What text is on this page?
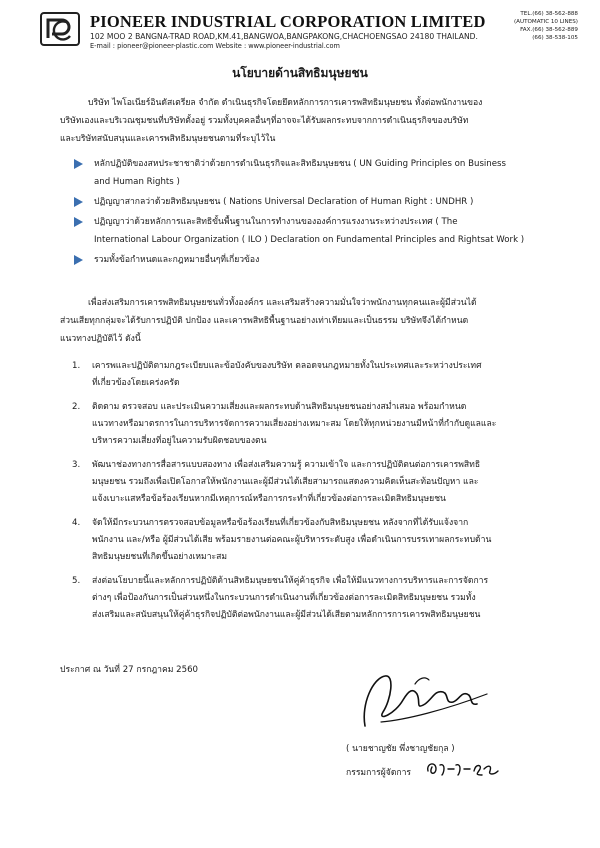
PIONEER INDUSTRIAL CORPORATION LIMITED
102 MOO 2 BANGNA-TRAD ROAD,KM.41,BANGWOA,BANGPAKONG,CHACHOENGSAO 24180 THAILAND.
E-mail : pioneer@pioneer-plastic.com Website : www.pioneer-industrial.com
TEL.(66) 38-562-888
(AUTOMATIC 10 LINES)
FAX.(66) 38-562-889
(66) 38-538-105
นโยบายด้านสิทธิมนุษยชน

บริษัท ไพโอเนียร์อินดัสเตรียล จำกัด ดำเนินธุรกิจโดยยึดหลักการการเคารพสิทธิมนุษยชน ทั้งต่อพนักงานของ

บริษัทเองและบริเวณชุมชนที่บริษัทตั้งอยู่ รวมทั้งบุคคลอื่นๆที่อาจจะได้รับผลกระทบจากการดำเนินธุรกิจของบริษัท

และบริษัทสนับสนุนและเคารพสิทธิมนุษยชนตามที่ระบุไว้ใน

หลักปฏิบัติของสหประชาชาติว่าด้วยการดำเนินธุรกิจและสิทธิมนุษยชน ( UN Guiding Principles on Business
and Human Rights )
ปฏิญญาสากลว่าด้วยสิทธิมนุษยชน ( Nations Universal Declaration of Human Right : UNDHR )
ปฏิญญาว่าด้วยหลักการและสิทธิขั้นพื้นฐานในการทำงานขององค์การแรงงานระหว่างประเทศ ( The
International Labour Organization ( ILO ) Declaration on Fundamental Principles and Rightsat Work )
รวมทั้งข้อกำหนดและกฎหมายอื่นๆที่เกี่ยวข้อง

เพื่อส่งเสริมการเคารพสิทธิมนุษยชนทั่วทั้งองค์กร และเสริมสร้างความมั่นใจว่าพนักงานทุกคนและผู้มีส่วนได้

ส่วนเสียทุกกลุ่มจะได้รับการปฏิบัติ ปกป้อง และเคารพสิทธิพื้นฐานอย่างเท่าเทียมและเป็นธรรม บริษัทจึงได้กำหนด

แนวทางปฏิบัติไว้ ดังนี้

1. เคารพและปฏิบัติตามกฎระเบียบและข้อบังคับของบริษัท ตลอดจนกฎหมายทั้งในประเทศและระหว่างประเทศ
ที่เกี่ยวข้องโดยเคร่งครัด
2. ติดตาม ตรวจสอบ และประเมินความเสี่ยงและผลกระทบด้านสิทธิมนุษยชนอย่างสม่ำเสมอ พร้อมกำหนด
แนวทางหรือมาตรการในการบริหารจัดการความเสี่ยงอย่างเหมาะสม โดยให้ทุกหน่วยงานมีหน้าที่กำกับดูแลและ
บริหารความเสี่ยงที่อยู่ในความรับผิดชอบของตน
3. พัฒนาช่องทางการสื่อสารแบบสองทาง เพื่อส่งเสริมความรู้ ความเข้าใจ และการปฏิบัติตนต่อการเคารพสิทธิ
มนุษยชน รวมถึงเพื่อเปิดโอกาสให้พนักงานและผู้มีส่วนได้เสียสามารถแสดงความคิดเห็นสะท้อนปัญหา และ
แจ้งเบาะแสหรือข้อร้องเรียนหากมีเหตุการณ์หรือการกระทำที่เกี่ยวข้องต่อการละเมิดสิทธิมนุษยชน
4. จัดให้มีกระบวนการตรวจสอบข้อมูลหรือข้อร้องเรียนที่เกี่ยวข้องกับสิทธิมนุษยชน หลังจากที่ได้รับแจ้งจาก
พนักงาน และ/หรือ ผู้มีส่วนได้เสีย พร้อมรายงานต่อคณะผู้บริหารระดับสูง เพื่อดำเนินการบรรเทาผลกระทบด้าน
สิทธิมนุษยชนที่เกิดขึ้นอย่างเหมาะสม
5. ส่งต่อนโยบายนี้และหลักการปฏิบัติด้านสิทธิมนุษยชนให้คู่ค้าธุรกิจ เพื่อให้มีแนวทางการบริหารและการจัดการ
ต่างๆ เพื่อป้องกันการเป็นส่วนหนึ่งในกระบวนการดำเนินงานที่เกี่ยวข้องต่อการละเมิดสิทธิมนุษยชน รวมทั้ง
ส่งเสริมและสนับสนุนให้คู่ค้าธุรกิจปฏิบัติต่อพนักงานและผู้มีส่วนได้เสียตามหลักการการเคารพสิทธิมนุษยชน
ประกาศ ณ วันที่ 27 กรกฎาคม 2560
( นายชาญชัย พึ่งชาญชัยกุล )
กรรมการผู้จัดการ
